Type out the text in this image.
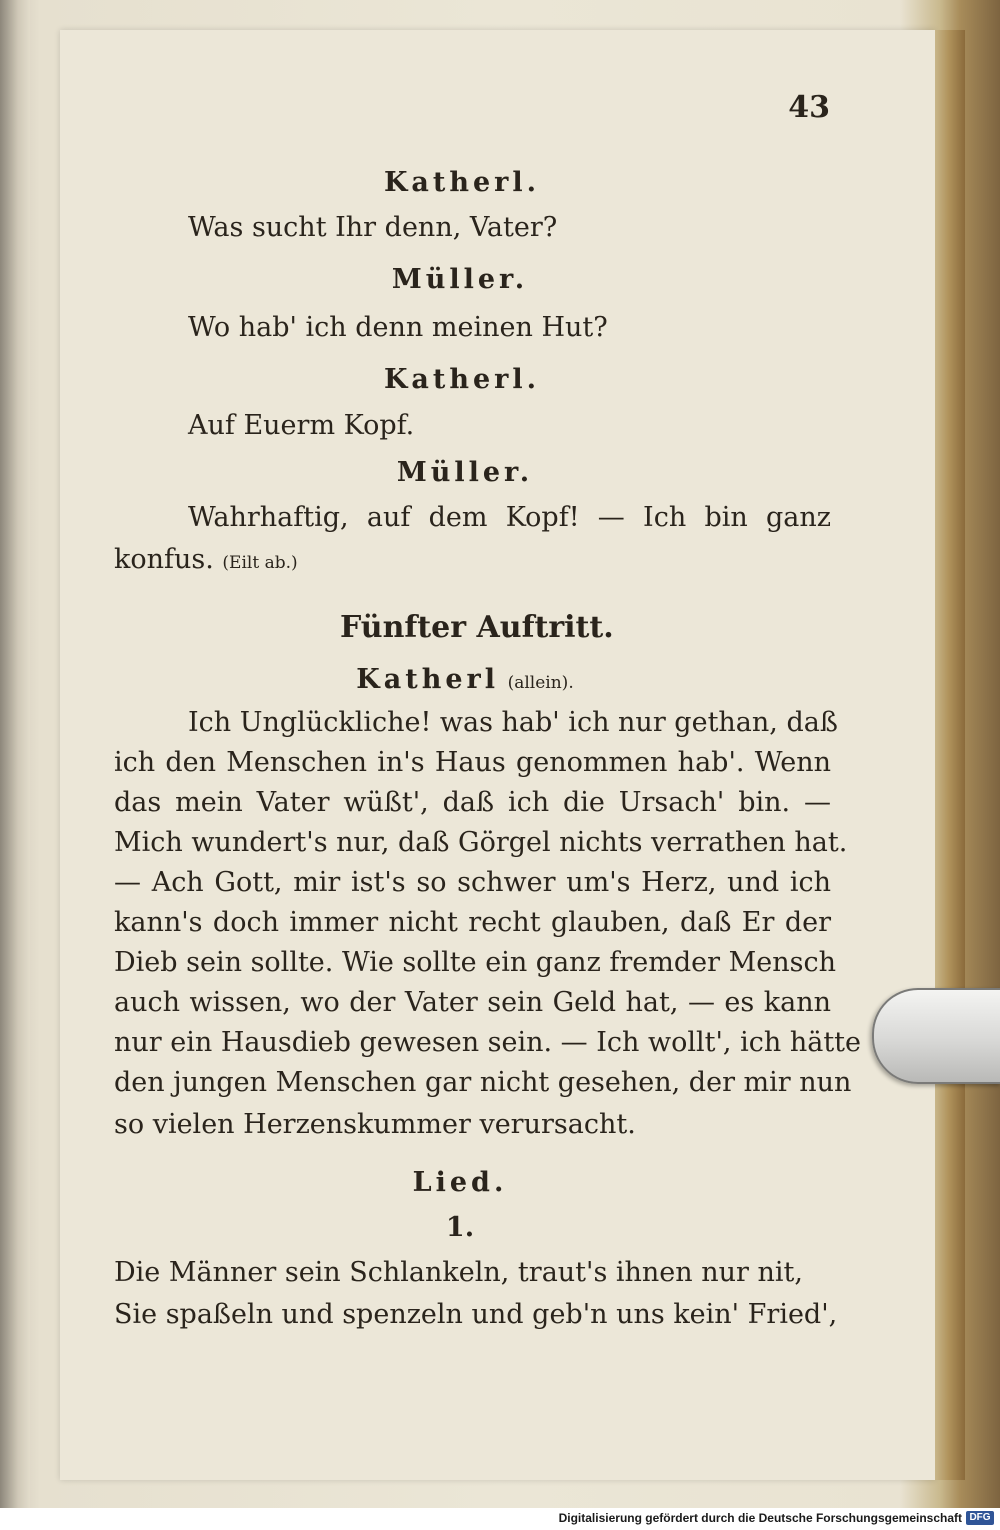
43
Katherl.
Was sucht Ihr denn, Vater?
Müller.
Wo hab' ich denn meinen Hut?
Katherl.
Auf Euerm Kopf.
Müller.
Wahrhaftig, auf dem Kopf! — Ich bin ganz
konfus. (Eilt ab.)
Fünfter Auftritt.
Katherl (allein).
Ich Unglückliche! was hab' ich nur gethan, daß
ich den Menschen in's Haus genommen hab'. Wenn
das mein Vater wüßt', daß ich die Ursach' bin. —
Mich wundert's nur, daß Görgel nichts verrathen hat.
— Ach Gott, mir ist's so schwer um's Herz, und ich
kann's doch immer nicht recht glauben, daß Er der
Dieb sein sollte. Wie sollte ein ganz fremder Mensch
auch wissen, wo der Vater sein Geld hat, — es kann
nur ein Hausdieb gewesen sein. — Ich wollt', ich hätte
den jungen Menschen gar nicht gesehen, der mir nun
so vielen Herzenskummer verursacht.
Lied.
1.
Die Männer sein Schlankeln, traut's ihnen nur nit,
Sie spaßeln und spenzeln und geb'n uns kein' Fried',
Digitalisierung gefördert durch die Deutsche Forschungsgemeinschaft DFG
